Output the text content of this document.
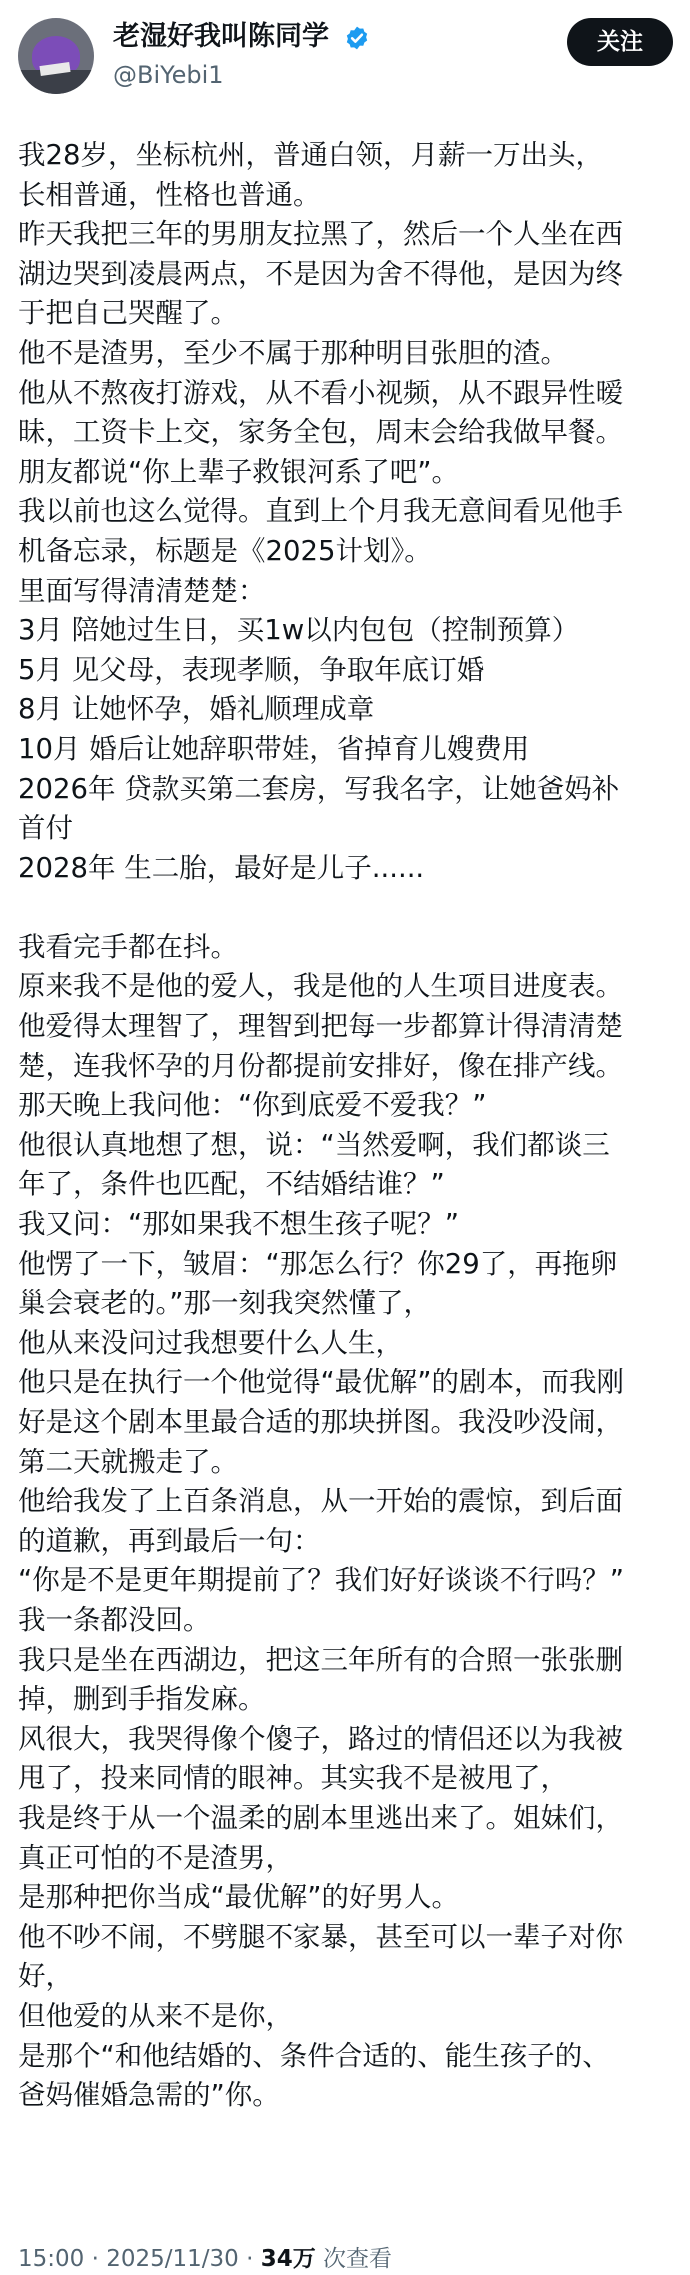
老湿好我叫陈同学
@BiYebi1
关注

我28岁，坐标杭州，普通白领，月薪一万出头，

长相普通，性格也普通。

昨天我把三年的男朋友拉黑了，然后一个人坐在西

湖边哭到凌晨两点，不是因为舍不得他，是因为终

于把自己哭醒了。

他不是渣男，至少不属于那种明目张胆的渣。

他从不熬夜打游戏，从不看小视频，从不跟异性暧

昧，工资卡上交，家务全包，周末会给我做早餐。

朋友都说“你上辈子救银河系了吧”。

我以前也这么觉得。直到上个月我无意间看见他手

机备忘录，标题是《2025计划》。

里面写得清清楚楚：

3月 陪她过生日，买1w以内包包（控制预算）

5月 见父母，表现孝顺，争取年底订婚

8月 让她怀孕，婚礼顺理成章

10月 婚后让她辞职带娃，省掉育儿嫂费用

2026年 贷款买第二套房，写我名字，让她爸妈补

首付

2028年 生二胎，最好是儿子......

我看完手都在抖。

原来我不是他的爱人，我是他的人生项目进度表。

他爱得太理智了，理智到把每一步都算计得清清楚

楚，连我怀孕的月份都提前安排好，像在排产线。

那天晚上我问他：“你到底爱不爱我？”

他很认真地想了想，说：“当然爱啊，我们都谈三

年了，条件也匹配，不结婚结谁？”

我又问：“那如果我不想生孩子呢？”

他愣了一下，皱眉：“那怎么行？你29了，再拖卵

巢会衰老的。”那一刻我突然懂了，

他从来没问过我想要什么人生，

他只是在执行一个他觉得“最优解”的剧本，而我刚

好是这个剧本里最合适的那块拼图。我没吵没闹，

第二天就搬走了。

他给我发了上百条消息，从一开始的震惊，到后面

的道歉，再到最后一句：

“你是不是更年期提前了？我们好好谈谈不行吗？”

我一条都没回。

我只是坐在西湖边，把这三年所有的合照一张张删

掉，删到手指发麻。

风很大，我哭得像个傻子，路过的情侣还以为我被

甩了，投来同情的眼神。其实我不是被甩了，

我是终于从一个温柔的剧本里逃出来了。姐妹们，

真正可怕的不是渣男，

是那种把你当成“最优解”的好男人。

他不吵不闹，不劈腿不家暴，甚至可以一辈子对你

好，

但他爱的从来不是你，

是那个“和他结婚的、条件合适的、能生孩子的、

爸妈催婚急需的”你。

15:00 · 2025/11/30 · 34万 次查看
